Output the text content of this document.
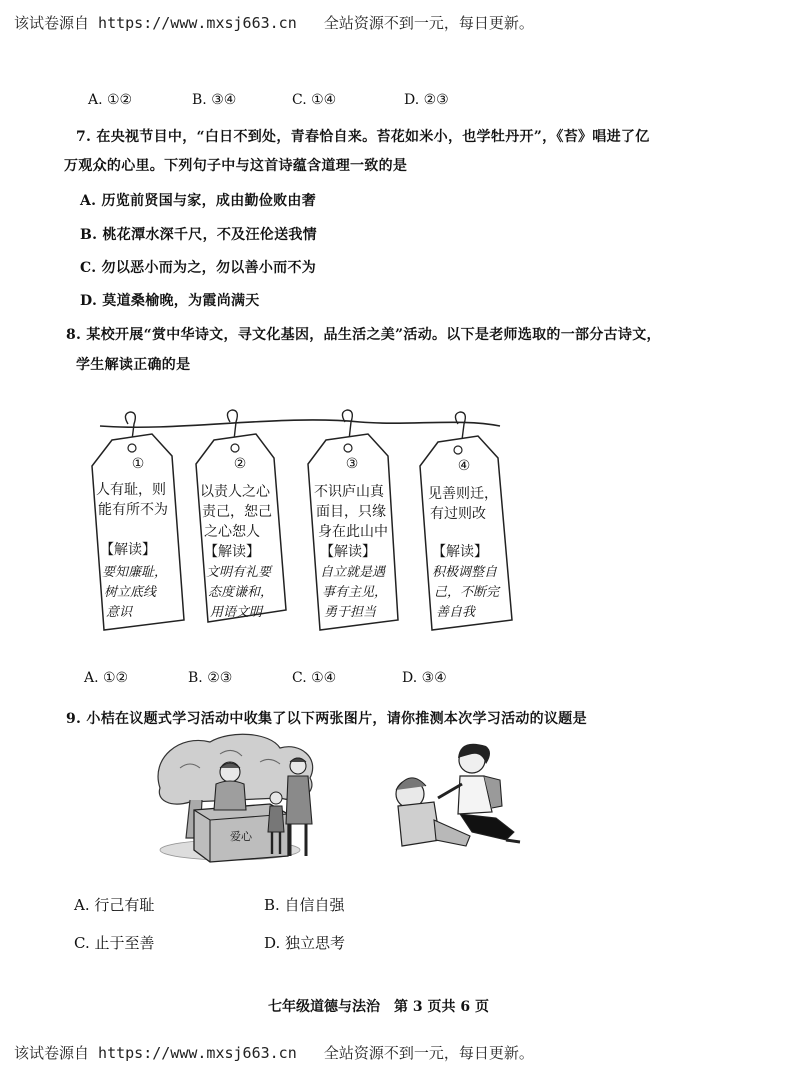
该试卷源自 https://www.mxsj663.cn 全站资源不到一元，每日更新。
A. ①②	B. ③④	C. ①④	D. ②③
7. 在央视节目中，“白日不到处，青春恰自来。苔花如米小，也学牡丹开”，《苔》唱进了亿
万观众的心里。下列句子中与这首诗蕴含道理一致的是
A. 历览前贤国与家，成由勤俭败由奢
B. 桃花潭水深千尺，不及汪伦送我情
C. 勿以恶小而为之，勿以善小而不为
D. 莫道桑榆晚，为霞尚满天
8. 某校开展“赏中华诗文，寻文化基因，品生活之美”活动。以下是老师选取的一部分古诗文，
学生解读正确的是
①
人有耻，则
能有所不为
【解读】
要知廉耻，
树立底线
意识
②
以责人之心
责己，恕己
之心恕人
【解读】
文明有礼要
态度谦和，
用语文明
③
不识庐山真
面目，只缘
身在此山中
【解读】
自立就是遇
事有主见，
勇于担当
④
见善则迁，
有过则改
【解读】
积极调整自
己，不断完
善自我
A. ①②	B. ②③	C. ①④	D. ③④
9. 小桔在议题式学习活动中收集了以下两张图片，请你推测本次学习活动的议题是
爱心
A. 行己有耻	B. 自信自强
C. 止于至善	D. 独立思考
七年级道德与法治　第 3 页共 6 页
该试卷源自 https://www.mxsj663.cn 全站资源不到一元，每日更新。
